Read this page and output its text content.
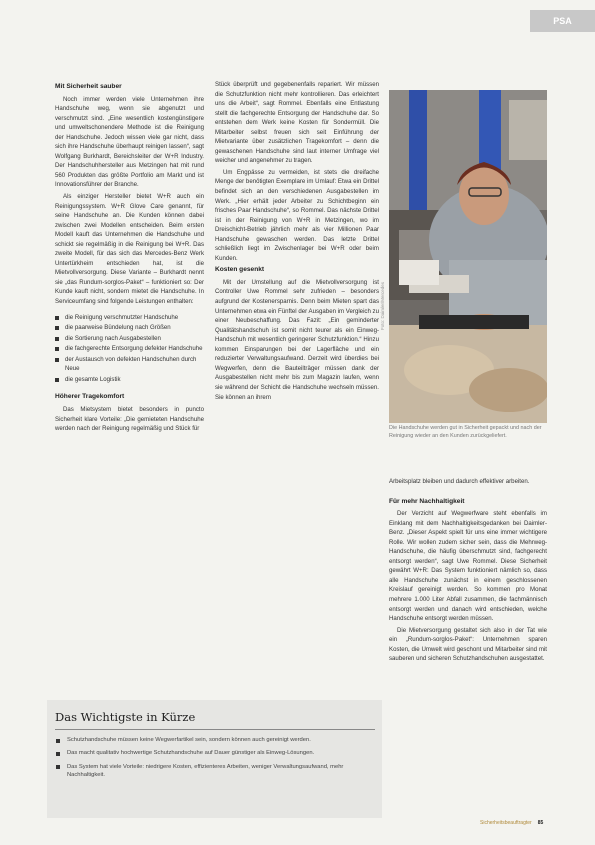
PSA
Mit Sicherheit sauber

Noch immer werden viele Unternehmen ihre Handschuhe weg, wenn sie abgenutzt und verschmutzt sind. „Eine wesentlich kostengünstigere und umweltschonendere Methode ist die Reinigung der Handschuhe. Jedoch wissen viele gar nicht, dass sich ihre Handschuhe überhaupt reinigen lassen“, sagt Wolfgang Burkhardt, Bereichsleiter der W+R Industry. Der Handschuhhersteller aus Metzingen hat mit rund 560 Produkten das größte Portfolio am Markt und ist Innovationsführer der Branche.

Als einziger Hersteller bietet W+R auch ein Reinigungssystem. W+R Glove Care genannt, für seine Handschuhe an. Die Kunden können dabei zwischen zwei Modellen entscheiden. Beim ersten Modell kauft das Unternehmen die Handschuhe und schickt sie regelmäßig in die Reinigung bei W+R. Das zweite Modell, für das sich das Mercedes-Benz Werk Untertürkheim entschieden hat, ist die Mietvollversorgung. Diese Variante – Burkhardt nennt sie „das Rundum-sorglos-Paket“ – funktioniert so: Der Kunde kauft nicht, sondern mietet die Handschuhe. In Serviceumfang sind folgende Leistungen enthalten:

die Reinigung verschmutzter Handschuhe
die paarweise Bündelung nach Größen
die Sortierung nach Ausgabestellen
die fachgerechte Entsorgung defekter Handschuhe
der Austausch von defekten Handschuhen durch Neue
die gesamte Logistik
Höherer Tragekomfort

Das Mietsystem bietet besonders in puncto Sicherheit klare Vorteile: „Die gemieteten Handschuhe werden nach der Reinigung regelmäßig und Stück für

Stück überprüft und gegebenenfalls repariert. Wir müssen die Schutzfunktion nicht mehr kontrollieren. Das erleichtert uns die Arbeit“, sagt Rommel. Ebenfalls eine Entlastung stellt die fachgerechte Entsorgung der Handschuhe dar. So entstehen dem Werk keine Kosten für Sondermüll. Die Mitarbeiter selbst freuen sich seit Einführung der Mietvariante über zusätzlichen Tragekomfort – denn die gewaschenen Handschuhe sind laut interner Umfrage viel weicher und angenehmer zu tragen.

Um Engpässe zu vermeiden, ist stets die dreifache Menge der benötigten Exemplare im Umlauf: Etwa ein Drittel befindet sich an den verschiedenen Ausgabestellen im Werk. „Hier erhält jeder Arbeiter zu Schichtbeginn ein frisches Paar Handschuhe“, so Rommel. Das nächste Drittel ist in der Reinigung von W+R in Metzingen, wo im Dreischicht-Betrieb jährlich mehr als vier Millionen Paar Handschuhe gewaschen werden. Das letzte Drittel schließlich liegt im Zwischenlager bei W+R oder beim Kunden.

Kosten gesenkt

Mit der Umstellung auf die Mietvollversorgung ist Controller Uwe Rommel sehr zufrieden – besonders aufgrund der Kostenersparnis. Denn beim Mieten spart das Unternehmen etwa ein Fünftel der Ausgaben im Vergleich zu einer Neubeschaffung. Das Fazit: „Ein geminderter Qualitätshandschuh ist somit nicht teurer als ein Einweg-Handschuh mit wesentlich geringerer Schutzfunktion.“ Hinzu kommen Einsparungen bei der Lagerfläche und ein reduzierter Verwaltungsaufwand. Derzeit wird überdies bei Wegwerfen, denn die Bauteilträger müssen dank der Ausgabestellen nicht mehr bis zum Magazin laufen, wenn sie während der Schicht die Handschuhe wechseln müssen. Sie können an ihrem

Foto: Daimler/Mercedes
Die Handschuhe werden gut in Sicherheit gepackt und nach der Reinigung wieder an den Kunden zurückgeliefert.

Arbeitsplatz bleiben und dadurch effektiver arbeiten.

Für mehr Nachhaltigkeit

Der Verzicht auf Wegwerfware steht ebenfalls im Einklang mit dem Nachhaltigkeitsgedanken bei Daimler-Benz. „Dieser Aspekt spielt für uns eine immer wichtigere Rolle. Wir wollen zudem sicher sein, dass die Mehrweg-Handschuhe, die häufig überschmutzt sind, fachgerecht entsorgt werden“, sagt Uwe Rommel. Diese Sicherheit gewährt W+R: Das System funktioniert nämlich so, dass alle Handschuhe zunächst in einem geschlossenen Kreislauf gereinigt werden. So kommen pro Monat mehrere 1.000 Liter Abfall zusammen, die fachmännisch entsorgt werden und danach wird entschieden, welche Handschuhe entsorgt werden müssen.

Die Mietversorgung gestaltet sich also in der Tat wie ein „Rundum-sorglos-Paket“: Unternehmen sparen Kosten, die Umwelt wird geschont und Mitarbeiter sind mit sauberen und sicheren Schutzhandschuhen ausgestattet.

Das Wichtigste in Kürze
Schutzhandschuhe müssen keine Wegwerfartikel sein, sondern können auch gereinigt werden.
Das macht qualitativ hochwertige Schutzhandschuhe auf Dauer günstiger als Einweg-Lösungen.
Das System hat viele Vorteile: niedrigere Kosten, effizienteres Arbeiten, weniger Verwaltungsaufwand, mehr Nachhaltigkeit.
Sicherheitsbeauftragter 85
